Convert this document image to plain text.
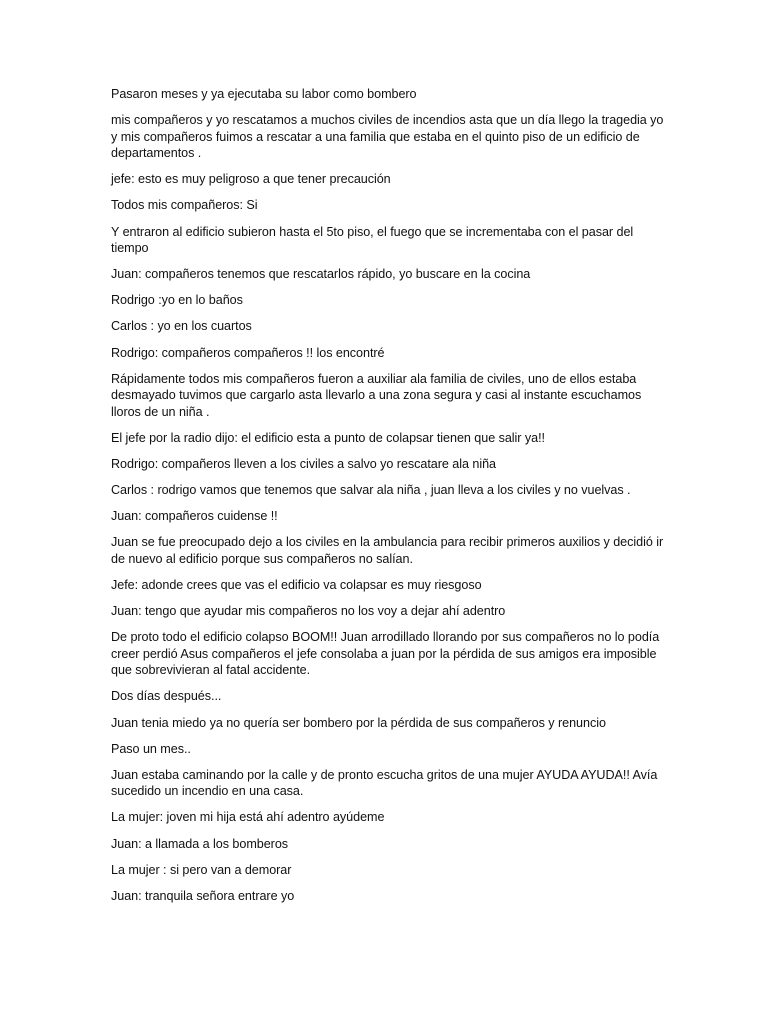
Pasaron meses y ya ejecutaba su labor como bombero

mis compañeros y yo rescatamos a muchos civiles de incendios asta que un día llego la tragedia yo y mis compañeros fuimos a rescatar a una familia que estaba en el quinto piso de un edificio de departamentos .

jefe: esto es muy peligroso a que tener precaución

Todos mis compañeros: Si

Y entraron al edificio subieron hasta el 5to piso, el fuego que se incrementaba con el pasar del tiempo

Juan: compañeros tenemos que rescatarlos rápido, yo buscare en la cocina

Rodrigo :yo en lo baños

Carlos : yo en los cuartos

Rodrigo: compañeros compañeros !! los encontré

Rápidamente todos mis compañeros fueron a auxiliar ala familia de civiles, uno de ellos estaba desmayado tuvimos que cargarlo asta llevarlo a una zona segura y casi al instante escuchamos lloros de un niña .

El jefe por la radio dijo: el edificio esta a punto de colapsar tienen que salir ya!!

Rodrigo: compañeros lleven a los civiles a salvo yo rescatare ala niña

Carlos : rodrigo vamos que tenemos que salvar ala niña , juan lleva a los civiles y no vuelvas .

Juan: compañeros cuidense !!

Juan se fue preocupado dejo a los civiles en la ambulancia para recibir primeros auxilios y decidió ir de nuevo al edificio porque sus compañeros no salían.

Jefe: adonde crees que vas el edificio va colapsar es muy riesgoso

Juan: tengo que ayudar mis compañeros no los voy a dejar ahí adentro

De proto todo el edificio colapso BOOM!! Juan arrodillado llorando por sus compañeros no lo podía creer perdió Asus compañeros el jefe consolaba a juan por la pérdida de sus amigos era imposible que sobrevivieran al fatal accidente.

Dos días después...

Juan tenia miedo ya no quería ser bombero por la pérdida de sus compañeros y renuncio

Paso un mes..

Juan estaba caminando por la calle y de pronto escucha gritos de una mujer AYUDA AYUDA!! Avía sucedido un incendio en una casa.

La mujer: joven mi hija está ahí adentro ayúdeme

Juan: a llamada a los bomberos

La mujer : si pero van a demorar

Juan: tranquila señora entrare yo
